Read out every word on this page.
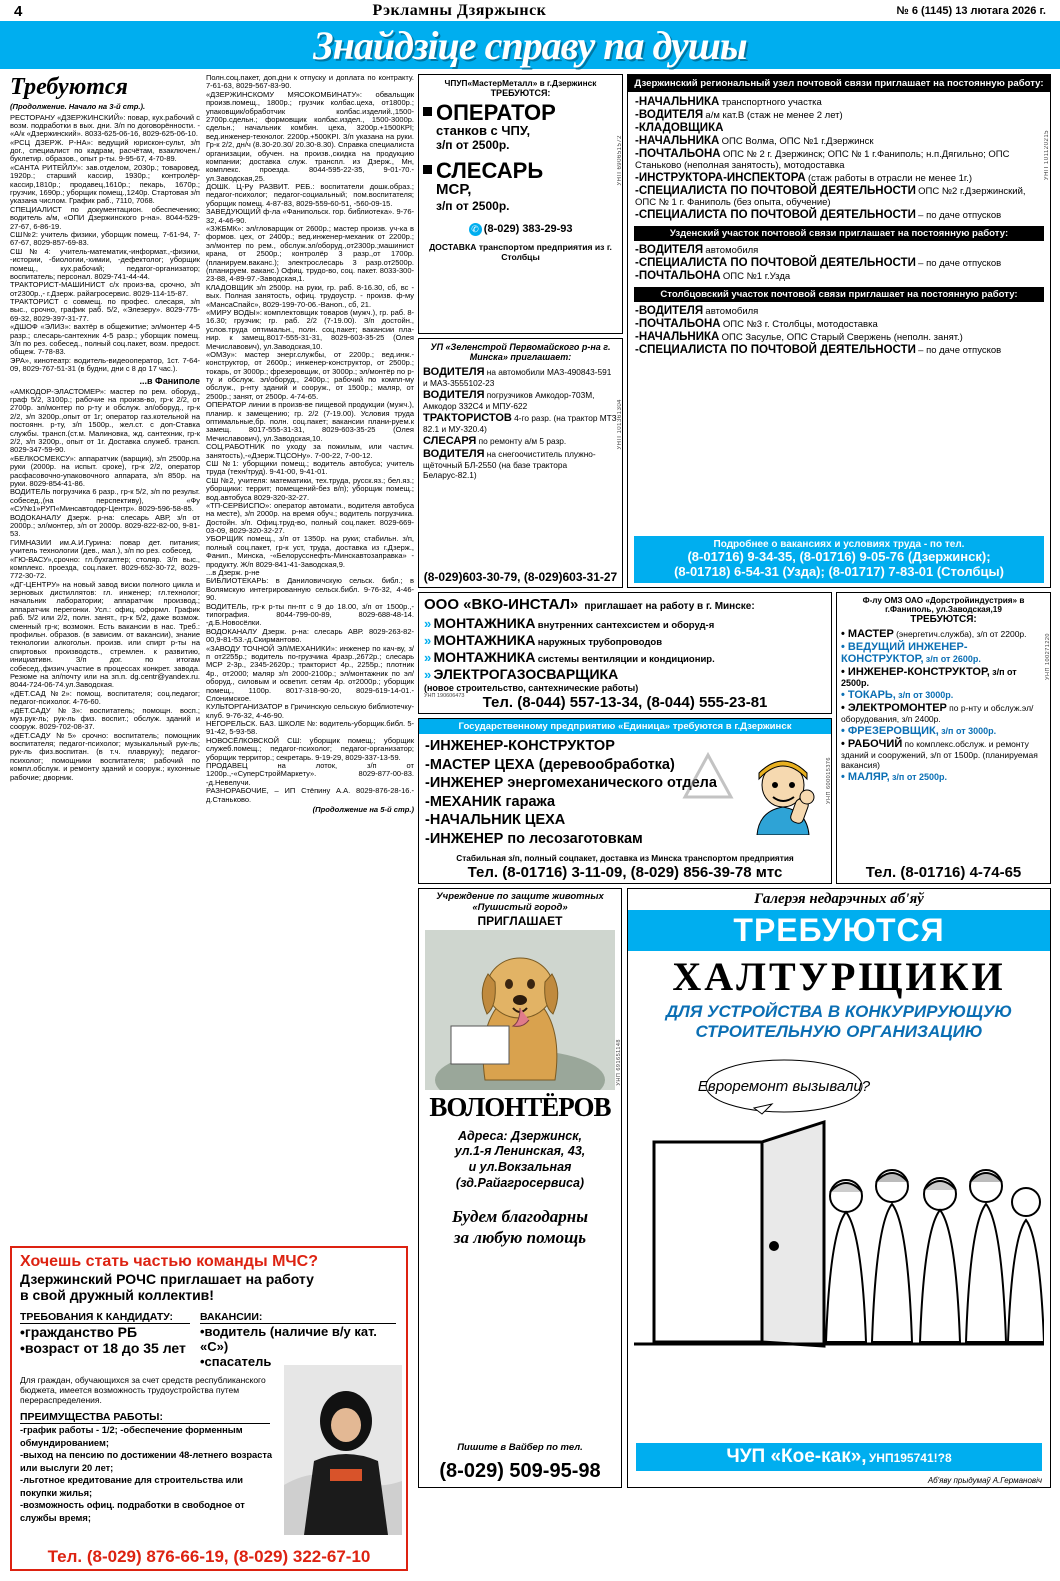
4	Рэкламны Дзяржынск	№ 6 (1145) 13 лютага 2026 г.
Знайдзіце справу па душы
Требуются
(Продолжение. Начало на 3-й стр.).
РЕСТОРАНУ «ДЗЕРЖИНСКИЙ»: повар, кух.рабочий с возм. подработки в вых. дни. З/п по договорённости. - «А/к «Дзержинский». 8033-625-06-16, 8029-625-06-10.
«РСЦ ДЗЕРЖ. Р-НА»: ведущий юрискон-сульт, з/п дог., специалист по кадрам, расчётам, взаключен./буклетир. образов., опыт р-ты. 9-95-67, 4-70-89.
«САНТА РИТЕЙЛУ»: зав.отделом, 2030р.; товаровед, 1920р.; старший кассир, 1930р.; контролёр-кассир,1810р.; продавец,1610р.; пекарь, 1670р.; грузчик, 1690р.; уборщик помещ.,1240р. Стартовая з/п указана числом. График раб., 7110, 7068.
СПЕЦИАЛИСТ по документацион. обеспечению; водитель а/м, «ОПИ Дзержинского р-на». 8044-529-27-67, 6-86-19.
СШ№2: учитель физики, уборщик помещ. 7-61-94, 7-67-67, 8029-857-69-83.
СШ№4: учитель-математик,-информат.,-физики, -истории, -биологии,-химии, -дефектолог; уборщик помещ., кух.рабочий; педагог-организатор; воспитатель; персонал. 8029-741-44-44.
ТРАКТОРИСТ-МАШИНИСТ с/х произ-ва, срочно, з/п от2300р.,- г.Дзерж. райагросервис. 8029-114-15-87.
ТРАКТОРИСТ с совмещ. по профес. слесаря, з/п выс., срочно, график раб. 5/2, «Элезеру». 8029-775-69-32, 8029-397-31-77.
«ДШОФ «ЭЛИЗ»: вахтёр в общежитие; эл/монтер 4-5 разр.; слесарь-сантехник 4-5 разр.; уборщик помещ. З/п по рез. собесед., полный соц.пакет, возм. предост. общеж. 7-78-83.
ЭРА», кинотеатр: водитель-видеооператор, 1ст. 7-64-09, 8029-767-51-31 (в будни, дни с 8 до 17 час.).
...в Фаниполе
«АМКОДОР-ЭЛАСТОМЕР»: мастер по рем. оборуд., граф 5/2, 3100р.; рабочие на произв-во, гр-к 2/2, от 2700р. эл/монтер по р-ту и обслуж. эл/оборуд., гр-к 2/2, з/п 3200р.,опыт от 1г; оператор газ.котельной на постоянн. р-ту, з/п 1500р., жел.ст. с доп-Ставка службы. трансп.(ст.м. Малиновка, жд. сантехник, гр-к 2/2, з/п 3200р., опыт от 1г. Доставка служеб. трансп. 8029-347-59-90.
«БЕЛКОСМЕКСУ»: аппаратчик (варщик), з/п 2500р.на руки (2000р. на испыт. сроке), гр-к 2/2, оператор расфасовочно-упаковочного аппарата, з/п 850р. на руки. 8029-854-41-86.
ВОДИТЕЛЬ погрузчика 6 разр., гр-к 5/2, з/п по результ. собесед.,(на перспективу), «Фу «СУ№1»РУП«Минсавтодор-Центр». 8029-596-58-85.
ВОДОКАНАЛУ Дзерж. р-на: слесарь АВР, з/п от 2000р.; эл/монтер, з/п от 2000р. 8029-822-82-00, 9-81-53.
ГИМНАЗИИ им.А.И.Гурина: повар дет. питания; учитель технологии (дев., мал.), з/п по рез. собесед.
«ГЮ-ВАСУ»,срочно: гл.бухгалтер; столяр. З/п выс., комплекс. проезда, соц.пакет. 8029-652-30-72, 8029-772-30-72.
«ДГ-ЦЕНТРУ» на новый завод виски полного цикла и зерновых дистиллятов: гл. инженер; гл.технолог; начальник лаборатории; аппаратчик производ.; аппаратчик перегонки. Усл.: офиц. оформл. График раб. 5/2 или 2/2, полн. занят., гр-к 5/2, даже возмож. сменный гр-к; возможн. Есть вакансии в нас. Треб.: профильн. образов. (в зависим. от вакансии), знание технологии алкогольн. произв. или спирт р-ты на спиртовых производств., стремлен. к развитию, инициативн. З/п дог. по итогам собесед.,физич.участие в процессах конкрет. завода. Резюме на эл/почту или на зп.п. dg.centr@yandex.ru. 8044-724-06-74.ул.Заводская.
«ДЕТ.САД №2»: помощ. воспитателя; соц.педагог; педагог-психолог. 4-76-60.
«ДЕТ.САДУ №3»: воспитатель; помощн. восп.; муз.рук-ль; рук-ль физ. воспит.; обслуж. зданий и сооруж. 8029-702-08-37.
«ДЕТ.САДУ №5» срочно: воспитатель; помощник воспитателя; педагог-психолог; музыкальный рук-ль; рук-ль физ.воспитан. (в т.ч. плавруку); педагог-психолог; помощники воспитателя; рабочий по компл.обслуж. и ремонту зданий и сооруж.; кухонные рабочие; дворник.
Полн.соц.пакет, доп.дни к отпуску и доплата по контракту. 7-61-63, 8029-567-83-90.
«ДЗЕРЖИНСКОМУ МЯСОКОМБИНАТУ»: обвальщик произв.помещ., 1800р.; грузчик колбас.цеха, от1800р.; упаковщик/обработчик колбас.изделий.,1500-2700р.сдельн.; формовщик колбас.издел., 1500-3000р. сдельн.; начальник комбин. цеха, 3200р.+1500КРI; вед.инженер-технолог. 2200р.+500КРI. З/п указана на руки. Гр-к 2/2, дн/ч (8.30-20.30/ 20.30-8.30). Справка специалиста организации, обучен. на произв.,скидка на продукцию компании; доставка служ. транспл. из Дзерж., Мн, комплекс. проезда. 8044-595-22-35, 9-01-70.-ул.Заводская,25.
ДОШК. Ц-Ру РАЗВИТ. РЕБ.: воспитатели дошк.образ.; педагог-психолог; педагог-социальный; пом.воспитателя; уборщик помещ. 4-87-83, 8029-559-60-51, -560-09-15.
ЗАВЕДУЮЩИЙ ф-ла «Фанипольск. гор. библиотека». 9-76-32, 4-46-90.
«ЗЖБМК»: эл/гловарщик от 2600р.; мастер произв. уч-ка в формов. цех, от 2400р.; вед.инженер-механик от 2200р.; эл/монтер по рем., обслуж.эл/оборуд.,от2300р.;машинист крана, от 2500р.; контролёр 3 разр.,от 1700р. (планируем.ваканс.); электрослесарь 3 разр.от2500р. (планируем. ваканс.) Офиц. трудо-во, соц. пакет. 8033-300-23-88, 4-89-97.-Заводская,1.
КЛАДОВЩИК з/п 2500р. на руки, гр. раб. 8-16.30, сб, вс - вых. Полная занятость, офиц. трудоустр. - произв. ф-му «МансаСпайс», 8029-199-70-06.-Ваноп., сб, 21.
«МИРУ ВОДЫ»: комплектовщик товаров (мужч.), гр. раб. 8-16.30; грузчик; гр. раб. 2/2 (7-19.00). З/п достойн., услов.труда оптимальн., полн. соц.пакет; вакансии пла-нир. к замещ.8017-555-31-31, 8029-603-35-25 (Олея Мечиславович), ул.Заводская,10.
«ОМЗу»: мастер энерг.службы, от 2200р.; вед.инж.-конструктор, от 2600р.; инженер-конструктор, от 2500р.; токарь, от 3000р.; фрезеровщик, от 3000р.; эл/монтёр по р-ту и обслуж. эл/оборуд., 2400р.; рабочий по компл-му обслуж., р-нту зданий и сооруж., от 1500р.; маляр, от 2500р.; занят, от 2500р. 4-74-65.
ОПЕРАТОР линии в произв-ве пищевой продукции (мужч.), планир. к замещению; гр. 2/2 (7-19.00). Условия труда оптимальные,бр. полн. соц.пакет; вакансии плани-руем.к замещ. 8017-555-31-31, 8029-603-35-25 (Олея Мечиславович), ул.Заводская,10.
СОЦ.РАБОТНИК по уходу за пожилым, или частич. занятость),-«Дзерж.ТЦСОНу». 7-00-22, 7-00-12.
СШ №1: уборщики помещ.; водитель автобуса; учитель труда (техн/труд). 9-41-00, 9-41-01.
СШ №2, учителя: математики, тех.труда, русск.яз.; бел.яз.; уборщики: террит; помещений-без в/п); уборщик помещ.; вод.автобуса 8029-320-32-27.
«ТП-СЕРВИСПО»: оператор автомати., водителя автобуса на месте), з/п 2000р. на время обуч.; водитель погрузчика. Достойн. з/п. Офиц.труд-во, полный соц.пакет. 8029-669-03-09, 8029-320-32-27.
УБОРЩИК помещ., з/п от 1350р. на руки; стабильн. з/п, полный соц.пакет, гр-к уст, труда, доставка из г.Дзерж., Фанип., Минска, -«Белорусснефть-Минскавтозаправка» - продукту. Ж/п 8029-841-41-3аводская,9.
...в Дзерж. р-не
БИБЛИОТЕКАРЬ: в Даниловичскую сельск. библ.; в Волямскую интегрированную сельск.библ. 9-76-32, 4-46-90.
ВОДИТЕЛЬ, гр-к р-ты пн-пт с 9 до 18.00, з/п от 1500р.,-типография. 8044-799-00-89, 8029-688-48-14. -д.Б.Новосёлки.
ВОДОКАНАЛУ Дзерж. р-на: слесарь АВР. 8029-263-82-00,9-81-53.-д.Скирмантово.
«ЗАВОДУ ТОЧНОЙ ЭЛ/МЕХАНИКИ»: инженер по кач-ву, з/п от2255р.; водитель по-грузчика 4разр.,2672р.; слесарь МСР 2-3р., 2345-2620р.; тракторист 4р., 2255р.; плотник 4р., от2000; маляр з/п 2000-2100р.; эл/монтажник по эл/оборуд., силовым и осветит. сетям 4р. от2000р.; уборщик помещ., 1100р. 8017-318-90-20, 8029-619-14-01.-Слонимское.
КУЛЬТОРГАНИЗАТОР в Гричинскую сельскую библиотечку-клуб. 9-76-32, 4-46-90.
НЕГОРЕЛЬСК. БАЗ. ШКОЛЕ №: водитель-уборщик.библ. 5-91-42, 5-93-58.
НОВОСЁЛКОВСКОЙ СШ: уборщик помещ.; уборщик служеб.помещ.; педагог-психолог; педагог-организатор; уборщик территор.; секретарь. 9-19-29, 8029-337-13-59.
ПРОДАВЕЦ на лоток, з/п от 1200р.,-«СуперСтройМаркету». 8029-877-00-83. -д.Невелучи.
РАЗНОРАБОЧИЕ, – ИП Стёпину А.А. 8029-876-28-16.-д.Станьково.
(Продолжение на 5-й стр.)
ЧПУП«МастерМеталл» в г.Дзержинск
ТРЕБУЮТСЯ:
ОПЕРАТОР
станков с ЧПУ,
з/п от 2500р.
СЛЕСАРЬ
МСР,
з/п от 2500р.
✆ (8-029) 383-29-93
ДОСТАВКА транспортом предприятия из г. Столбцы
УНП 690651572
УП «Зеленстрой Первомайского р-на г. Минска» приглашает:
ВОДИТЕЛЯ на автомобили МАЗ-490843-591 и МАЗ-3555102-23
ВОДИТЕЛЯ погрузчиков Амкодор-703М, Амкодор 332С4 и МПУ-622
ТРАКТОРИСТОВ 4-го разр. (на трактор МТЗ 82.1 и МУ-320.4)
СЛЕСАРЯ по ремонту а/м 5 разр.
ВОДИТЕЛЯ на снегоочиститель плужно-щёточный БЛ-2550 (на базе трактора Беларус-82.1)
(8-029)603-30-79, (8-029)603-31-27
УНП 101361304
Дзержинский региональный узел почтовой связи приглашает на постоянную работу:
-НАЧАЛЬНИКА транспортного участка
-ВОДИТЕЛЯ а/м кат.В (стаж не менее 2 лет)
-КЛАДОВЩИКА
-НАЧАЛЬНИКА ОПС Волма, ОПС №1 г.Дзержинск
-ПОЧТАЛЬОНА ОПС № 2 г. Дзержинск; ОПС № 1 г.Фаниполь; н.п.Дягильно; ОПС Станьково (неполная занятость), мотодоставка
-ИНСТРУКТОРА-ИНСПЕКТОРА (стаж работы в отрасли не менее 1г.)
-СПЕЦИАЛИСТА ПО ПОЧТОВОЙ ДЕЯТЕЛЬНОСТИ ОПС №2 г.Дзержинский, ОПС № 1 г. Фаниполь (без опыта, обучение)
-СПЕЦИАЛИСТА ПО ПОЧТОВОЙ ДЕЯТЕЛЬНОСТИ – по даче отпусков
Узденский участок почтовой связи приглашает на постоянную работу:
-ВОДИТЕЛЯ автомобиля
-СПЕЦИАЛИСТА ПО ПОЧТОВОЙ ДЕЯТЕЛЬНОСТИ – по даче отпусков
-ПОЧТАЛЬОНА ОПС №1 г.Узда
Столбцовский участок почтовой связи приглашает на постоянную работу:
-ВОДИТЕЛЯ автомобиля
-ПОЧТАЛЬОНА ОПС №3 г. Столбцы, мотодоставка
-НАЧАЛЬНИКА ОПС Засулье, ОПС Старый Свержень (неполн. занят.)
-СПЕЦИАЛИСТА ПО ПОЧТОВОЙ ДЕЯТЕЛЬНОСТИ – по даче отпусков
Подробнее о вакансиях и условиях труда - по тел.
(8-01716) 9-34-35, (8-01716) 9-05-76 (Дзержинск);
(8-01718) 6-54-31 (Узда); (8-01717) 7-83-01 (Столбцы)
УНП 101120215
ООО «ВКО-ИНСТАЛ» приглашает на работу в г. Минске:
» МОНТАЖНИКА внутренних сантехсистем и оборуд-я
» МОНТАЖНИКА наружных трубопроводов
» МОНТАЖНИКА системы вентиляции и кондиционир.
» ЭЛЕКТРОГАЗОСВАРЩИКА
(новое строительство, сантехнические работы)
УНП 190606473	Тел. (8-044) 557-13-34, (8-044) 555-23-81
Государственному предприятию «Единица» требуются в г.Дзержинск
-ИНЖЕНЕР-КОНСТРУКТОР
-МАСТЕР ЦЕХА (деревообработка)
-ИНЖЕНЕР энергомеханического отдела
-МЕХАНИК гаража
-НАЧАЛЬНИК ЦЕХА
-ИНЖЕНЕР по лесозаготовкам
Стабильная з/п, полный соцпакет, доставка из Минска транспортом предприятия
Тел. (8-01716) 3-11-09, (8-029) 856-39-78 мтс
УНП 600015376
Ф-лу ОМЗ ОАО «Дорстройиндустрия» в г.Фаниполь, ул.Заводская,19
ТРЕБУЮТСЯ:
• МАСТЕР (энергетич.служба), з/п от 2200р.
• ВЕДУЩИЙ ИНЖЕНЕР-КОНСТРУКТОР, з/п от 2600р.
• ИНЖЕНЕР-КОНСТРУКТОР, з/п от 2500р.
• ТОКАРЬ, з/п от 3000р.
• ЭЛЕКТРОМОНТЕР по р-нту и обслуж.эл/оборудования, з/п 2400р.
• ФРЕЗЕРОВЩИК, з/п от 3000р.
• РАБОЧИЙ по комплекс.обслуж. и ремонту зданий и сооружений, з/п от 1500р. (планируемая вакансия)
• МАЛЯР, з/п от 2500р.
Тел. (8-01716) 4-74-65
УНП 100271220
Учреждение по защите животных «Пушистый город»
ПРИГЛАШАЕТ
ВОЛОНТЁРОВ
Адреса: Дзержинск,
ул.1-я Ленинская, 43,
и ул.Вокзальная
(зд.Райагросервиса)
Будем благодарны
за любую помощь
Пишите в Вайбер по тел.
(8-029) 509-95-98
УНП 691651148
Галерэя недарэчных аб'яў
ТРЕБУЮТСЯ
ХАЛТУРЩИКИ
ДЛЯ УСТРОЙСТВА В КОНКУРИРУЮЩУЮ
СТРОИТЕЛЬНУЮ ОРГАНИЗАЦИЮ
Евроремонт вызывали?
ЧУП «Кое-как», УНП195741!?8
Аб'яву прыдумаў А.Германовіч
Хочешь стать частью команды МЧС?
Дзержинский РОЧС приглашает на работу
в свой дружный коллектив!
ТРЕБОВАНИЯ К КАНДИДАТУ:
•гражданство РБ
•возраст от 18 до 35 лет
ВАКАНСИИ:
•водитель (наличие в/у кат. «С»)
•спасатель
Для граждан, обучающихся за счет средств республиканского бюджета, имеется возможность трудоустройства путем перераспределения.
ПРЕИМУЩЕСТВА РАБОТЫ:
-график работы - 1/2; -обеспечение форменным обмундированием;
-выход на пенсию по достижении 48-летнего возраста или выслуги 20 лет;
-льготное кредитование для строительства или покупки жилья;
-возможность офиц. подработки в свободное от службы время;
Тел. (8-029) 876-66-19, (8-029) 322-67-10
